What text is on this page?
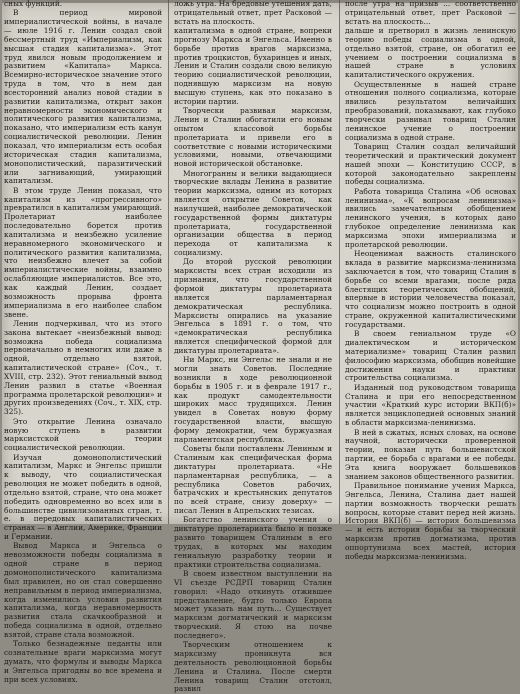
сных функций.

В период мировой империалистической войны, в начале — июле 1916 г. Ленин создал свой бессмертный труд «Империализм, как высшая стадия капитализма». Этот труд явился новым продолжением и развитием «Капитала» Маркса. Всемирно-историческое значение этого труда в том, что в нем дан всесторонний анализ новой стадии в развитии капитализма, открыт закон неравномерности экономического и политического развития капитализма, показано, что империализм есть канун социалистической революции. Ленин показал, что империализм есть особая историческая стадия капитализма, монополистический, паразитический или загнивающий, умирающий капитализм.

В этом труде Ленин показал, что капитализм из «прогрессивного» превратился в капитализм умирающий. Пролетариат наиболее последовательно борется против капитализма и неизбежно усиление неравномерного экономического и политического развития капитализма, что неизбежно влечет за собой империалистические войны, взаимно ослабляющие империалистов. Все это, как каждый Ленин, создает возможность прорыва фронта империализма в его наиболее слабом звене.

Ленин подчеркивал, что из этого закона вытекает «неизбежный вывод: возможна победа социализма первоначально в немногих или даже в одной, отдельно взятой, капиталистической стране» (Соч., т. XVIII, стр. 232). Этот гениальный вывод Ленин развил в статье «Военная программа пролетарской революции» и других произведениях (Соч., т. XIX, стр. 325).

Это открытие Ленина означало новую ступень в развитии марксистской теории социалистической революции.

Изучая домонополистический капитализм, Маркс и Энгельс пришли к выводу, что социалистическая революция не может победить в одной, отдельно взятой, стране, что она может победить одновременно во всех или в большинстве цивилизованных стран, т. е. в передовых капиталистических странах — в Англии, Америке, Франции и Германии.

Вывод Маркса и Энгельса о невозможности победы социализма в одной стране в период домонополистического капитализма был правилен, но он стал совершенно неправильным в период империализма, когда изменились условия развития капитализма, когда неравномерность развития стала скачкообразной и победа социализма в одной, отдельно взятой, стране стала возможной.

Только безнадежные педанты или сознательные враги марксизма могут думать, что формулы и выводы Маркса и Энгельса пригодны во все времена и при всех условиях.

ложь утра. На бредовые утешения дать, отрицательный ответ, прет Расковой — встать на плоскость.

капитализма в одной стране, вопреки прогнозу Маркса и Энгельса. Именно в борьбе против врагов марксизма, против троцкистов, бухаринцев и иных, Ленин и Сталин создали свою великую теорию социалистической революции, поднявшую марксизм на новую высшую ступень, как это показано в истории партии.

Творчески развивая марксизм, Ленин и Сталин обогатили его новым опытом классовой борьбы пролетариата и привели его в соответствие с новыми историческими условиями, новыми, отвечающими новой исторической обстановке.

Многогранны и велики выдающиеся творческие вклады Ленина в развитие теории марксизма, одним из которых является открытие Советов, как наилучшей, наиболее демократической государственной формы диктатуры пролетариата, государственной организации общества в период перехода от капитализма к социализму.

До второй русской революции марксисты всех стран исходили из признания, что государственной формой диктатуры пролетариата является парламентарная демократическая республика. Марксисты опирались на указание Энгельса в 1891 г. о том, что «демократическая республика является специфической формой для диктатуры пролетариата».

Ни Маркс, ни Энгельс не знали и не могли знать Советов. Последние возникли в ходе революционной борьбы в 1905 г. и в феврале 1917 г., как продукт самодеятельности широких масс трудящихся. Ленин увидел в Советах новую форму государственной власти, высшую форму демократии, чем буржуазная парламентская республика.

Советы были поставлены Лениным и Сталиным как специфическая форма диктатуры пролетариата. «Не парламентарная республика, — а республика Советов рабочих, батрачских и крестьянских депутатов по всей стране, снизу доверху» — писал Ленин в Апрельских тезисах.

Богатство ленинского учения о диктатуре пролетариата было и позже развито товарищем Сталиным в его трудах, в которых мы находим гениальную разработку теории и практики строительства социализма.

В своем известном выступлении на VI съезде РСДРП товарищ Сталин говорил: «Надо откинуть отжившее представление, будто только Европа может указать нам путь... Существует марксизм догматический и марксизм творческий. Я стою на почве последнего».

Творческим отношением к марксизму проникнута вся деятельность революционной борьбы Ленина и Сталина. После смерти Ленина товарищ Сталин отстоял, развил

после утра на призыв ... соответственно отрицательный ответ, прет Расковой — встать на плоскость...

дальше и претворил в жизнь ленинскую теорию победы социализма в одной, отдельно взятой, стране, он обогатил ее учением о построении социализма в нашей стране в условиях капиталистического окружения.

Осуществленные в нашей стране отношения полного социализма, которые явились результатом величайших преобразований, показывают, как глубоко творчески развивал товарищ Сталин ленинское учение о построении социализма в одной стране.

Товарищ Сталин создал величайший теоретический и практический документ нашей эпохи — Конституцию СССР, в которой законодательно закреплены победы социализма.

Работа товарища Сталина «Об основах ленинизма», «К вопросам ленинизма» явились замечательным обобщением ленинского учения, в которых дано глубокое определение ленинизма как марксизма эпохи империализма и пролетарской революции.

Неоценимая важность сталинского вклада в развитие марксизма-ленинизма заключается в том, что товарищ Сталин в борьбе со всеми врагами, после ряда блестящих теоретических обобщений, впервые в истории человечества показал, что социализм можно построить в одной стране, окруженной капиталистическими государствами.

В своем гениальном труде «О диалектическом и историческом материализме» товарищ Сталин развил философию марксизма, обобщив новейшие достижения науки и практики строительства социализма.

Изданный под руководством товарища Сталина и при его непосредственном участии «Краткий курс истории ВКП(б)» является энциклопедией основных знаний в области марксизма-ленинизма.

В ней в сжатых, ясных словах, на основе научной, исторически проверенной теории, показан путь большевистской партии, ее борьба с врагами и ее победы. Эта книга вооружает большевиков знанием законов общественного развития.

Правильное понимание учения Маркса, Энгельса, Ленина, Сталина дает нашей партии возможность творчески решать вопросы, которые ставит перед ней жизнь. История ВКП(б) — история большевизма — и есть история борьбы за творческий марксизм против догматизма, против оппортунизма всех мастей, история победы марксизма-ленинизма.
